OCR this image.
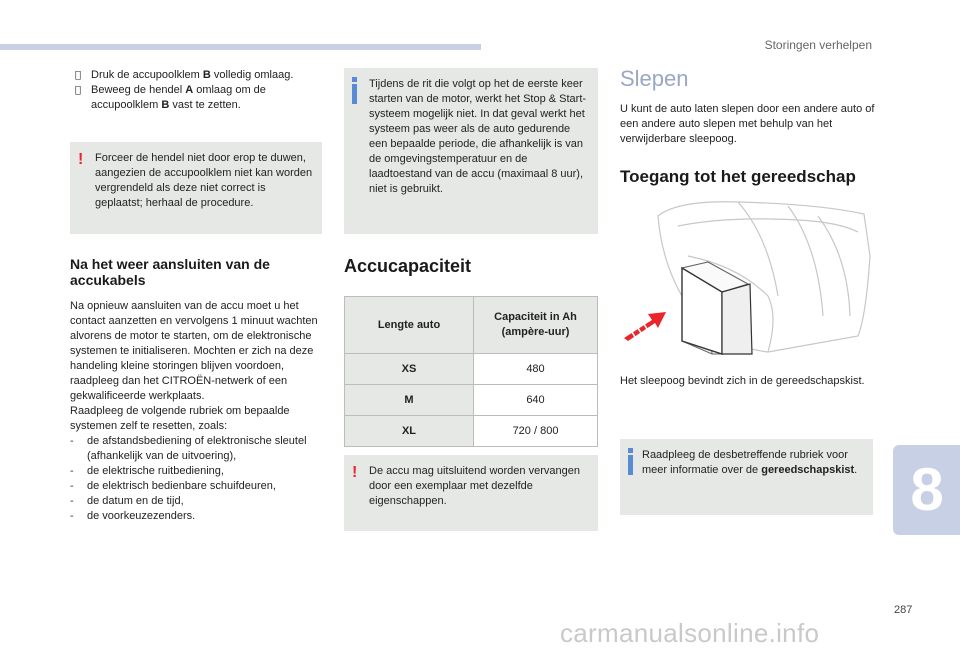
Storingen verhelpen
Druk de accupoolklem B volledig omlaag.
Beweeg de hendel A omlaag om de accupoolklem B vast te zetten.
! Forceer de hendel niet door erop te duwen, aangezien de accupoolklem niet kan worden vergrendeld als deze niet correct is geplaatst; herhaal de procedure.
Na het weer aansluiten van de accukabels
Na opnieuw aansluiten van de accu moet u het contact aanzetten en vervolgens 1 minuut wachten alvorens de motor te starten, om de elektronische systemen te initialiseren. Mochten er zich na deze handeling kleine storingen blijven voordoen, raadpleeg dan het CITROËN-netwerk of een gekwalificeerde werkplaats.
Raadpleeg de volgende rubriek om bepaalde systemen zelf te resetten, zoals:
- de afstandsbediening of elektronische sleutel (afhankelijk van de uitvoering),
- de elektrische ruitbediening,
- de elektrisch bedienbare schuifdeuren,
- de datum en de tijd,
- de voorkeuzezenders.
Tijdens de rit die volgt op het de eerste keer starten van de motor, werkt het Stop & Start-systeem mogelijk niet. In dat geval werkt het systeem pas weer als de auto gedurende een bepaalde periode, die afhankelijk is van de omgevingstemperatuur en de laadtoestand van de accu (maximaal 8 uur), niet is gebruikt.
Accucapaciteit
Lengte auto	Capaciteit in Ah (ampère-uur)
XS	480
M	640
XL	720 / 800
! De accu mag uitsluitend worden vervangen door een exemplaar met dezelfde eigenschappen.
Slepen
U kunt de auto laten slepen door een andere auto of een andere auto slepen met behulp van het verwijderbare sleepoog.
Toegang tot het gereedschap
Het sleepoog bevindt zich in de gereedschapskist.
Raadpleeg de desbetreffende rubriek voor meer informatie over de gereedschapskist. 8
287
carmanualsonline.info
